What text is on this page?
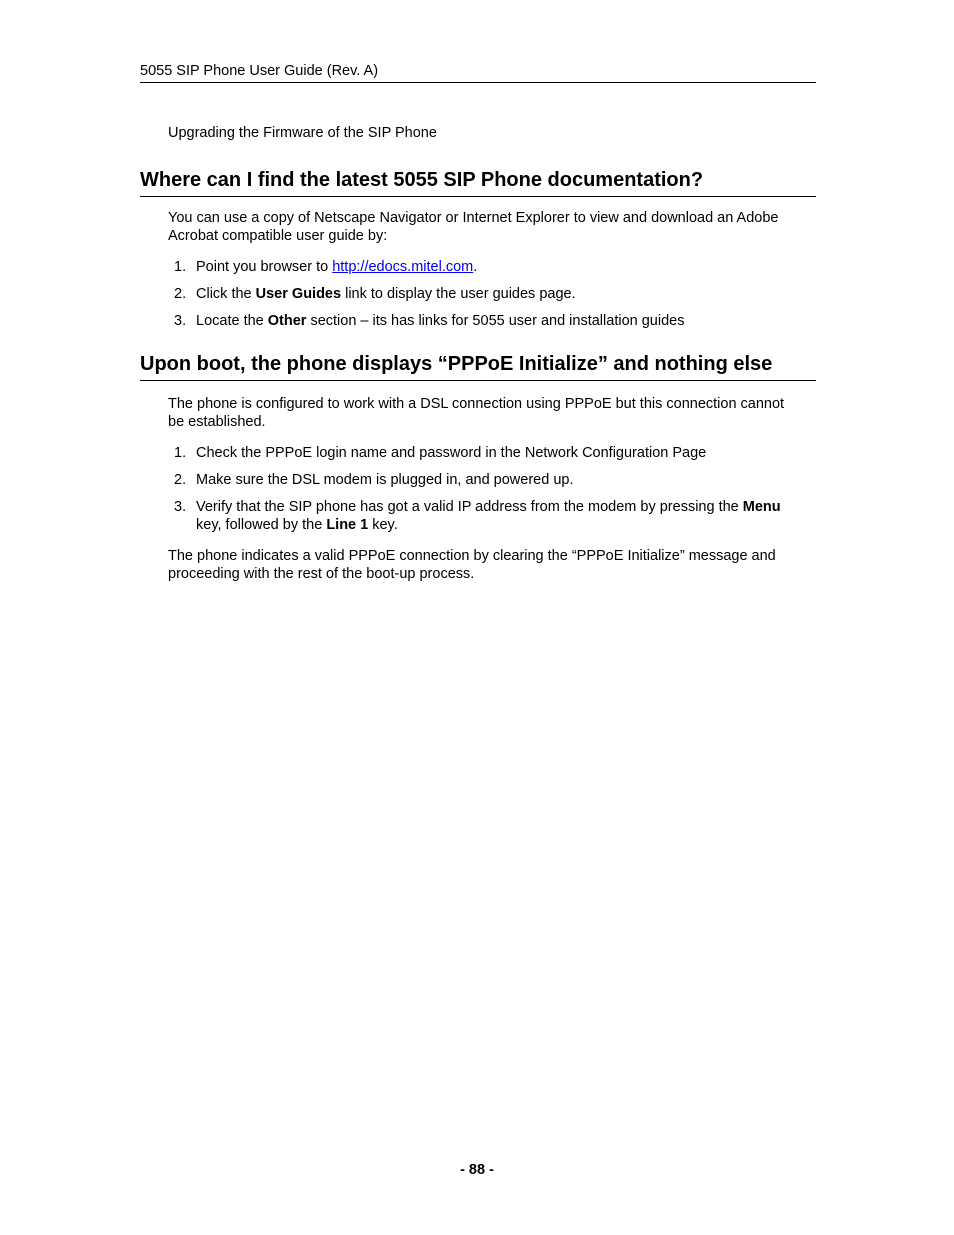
5055 SIP Phone User Guide (Rev. A)
Upgrading the Firmware of the SIP Phone
Where can I find the latest 5055 SIP Phone documentation?

You can use a copy of Netscape Navigator or Internet Explorer to view and download an Adobe Acrobat compatible user guide by:

1. Point you browser to http://edocs.mitel.com.
2. Click the User Guides link to display the user guides page.
3. Locate the Other section – its has links for 5055 user and installation guides
Upon boot, the phone displays “PPPoE Initialize” and nothing else

The phone is configured to work with a DSL connection using PPPoE but this connection cannot be established.

1. Check the PPPoE login name and password in the Network Configuration Page
2. Make sure the DSL modem is plugged in, and powered up.
3. Verify that the SIP phone has got a valid IP address from the modem by pressing the Menu key, followed by the Line 1 key.

The phone indicates a valid PPPoE connection by clearing the “PPPoE Initialize” message and proceeding with the rest of the boot-up process.

- 88 -
